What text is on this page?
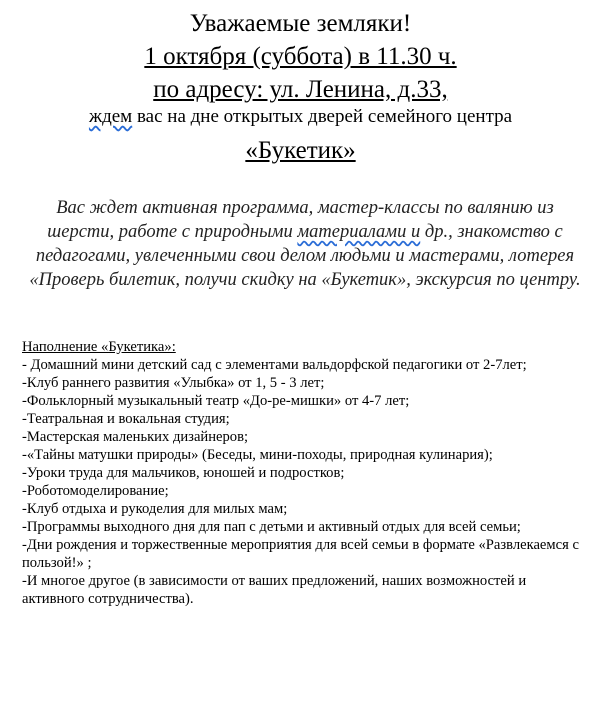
Уважаемые земляки!

1 октября (суббота) в 11.30 ч.

по адресу: ул. Ленина, д.33,

ждем вас на дне открытых дверей семейного центра

«Букетик»

Вас ждет активная программа, мастер-классы по валянию из шерсти, работе с природными материалами и др., знакомство с педагогами, увлеченными свои делом людьми и мастерами, лотерея «Проверь билетик, получи скидку на «Букетик», экскурсия по центру.

Наполнение «Букетика»:

- Домашний мини детский сад с элементами вальдорфской педагогики от 2-7лет;

-Клуб раннего развития «Улыбка» от 1, 5 - 3 лет;

-Фольклорный музыкальный театр «До-ре-мишки» от 4-7 лет;

-Театральная и вокальная студия;

-Мастерская маленьких дизайнеров;

-«Тайны матушки природы» (Беседы, мини-походы, природная кулинария);

-Уроки труда для мальчиков, юношей и подростков;

-Роботомоделирование;

-Клуб отдыха и рукоделия для милых мам;

-Программы выходного дня для пап с детьми и активный отдых для всей семьи;

-Дни рождения и торжественные мероприятия для всей семьи в формате «Развлекаемся с пользой!» ;

-И многое другое (в зависимости от ваших предложений, наших возможностей и активного сотрудничества).
